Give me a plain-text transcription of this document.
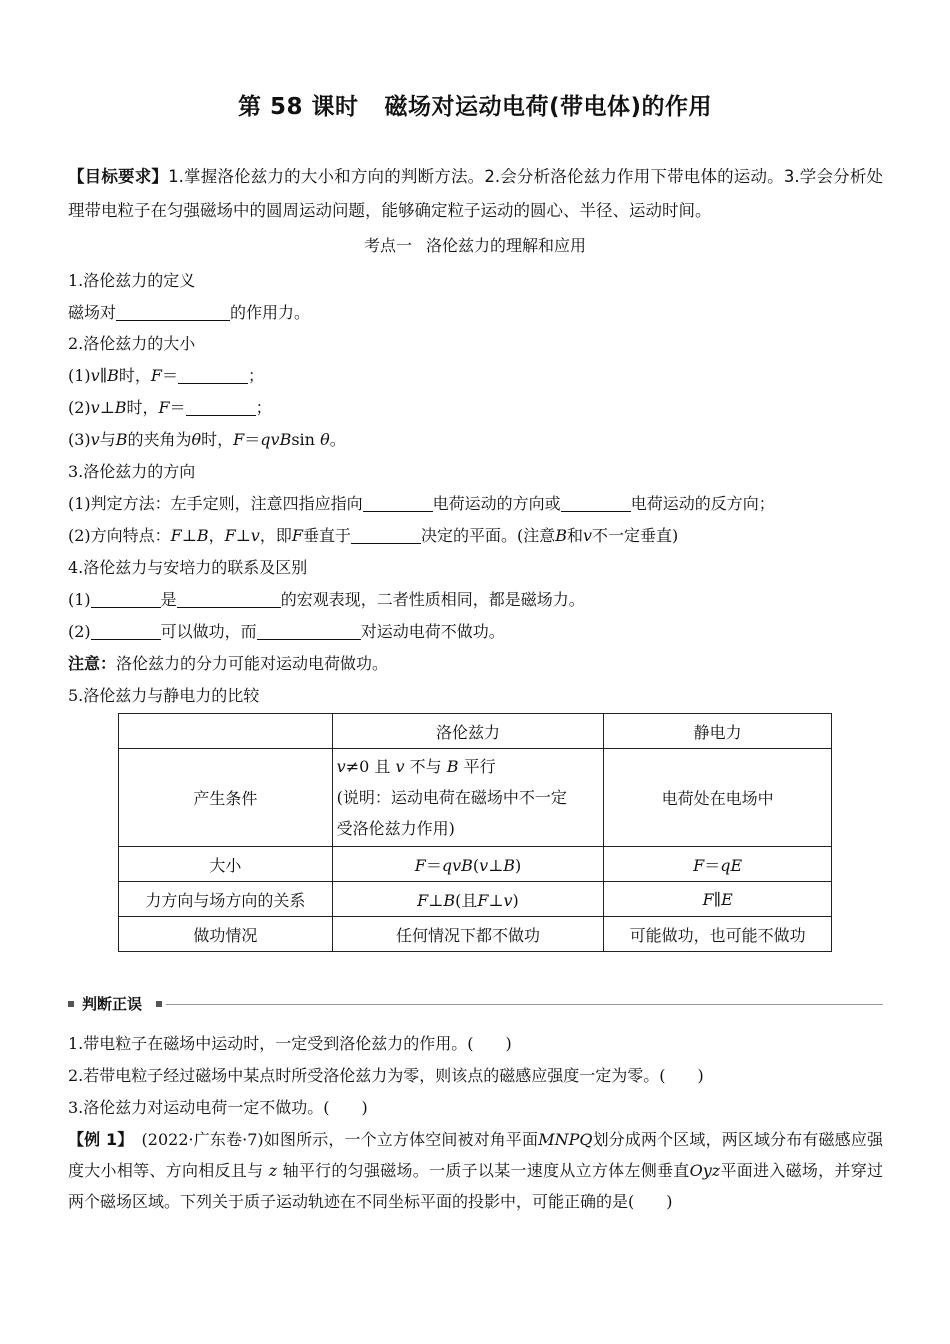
第 58 课时 磁场对运动电荷(带电体)的作用
【目标要求】1.掌握洛伦兹力的大小和方向的判断方法。2.会分析洛伦兹力作用下带电体的运动。3.学会分析处理带电粒子在匀强磁场中的圆周运动问题，能够确定粒子运动的圆心、半径、运动时间。
考点一 洛伦兹力的理解和应用
1.洛伦兹力的定义
磁场对	的作用力。
2.洛伦兹力的大小
(1)v∥B时，F＝	；
(2)v⊥B时，F＝	；
(3)v与B的夹角为θ时，F＝qvBsin θ。
3.洛伦兹力的方向
(1)判定方法：左手定则，注意四指应指向	电荷运动的方向或	电荷运动的反方向；
(2)方向特点：F⊥B，F⊥v，即F垂直于	决定的平面。(注意B和v不一定垂直)
4.洛伦兹力与安培力的联系及区别
(1)	是	的宏观表现，二者性质相同，都是磁场力。
(2)	可以做功，而	对运动电荷不做功。
注意：洛伦兹力的分力可能对运动电荷做功。
5.洛伦兹力与静电力的比较
	洛伦兹力	静电力
产生条件	v≠0 且 v 不与 B 平行
(说明：运动电荷在磁场中不一定
受洛伦兹力作用)	电荷处在电场中
大小	F＝qvB(v⊥B)	F＝qE
力方向与场方向的关系	F⊥B(且F⊥v)	F∥E
做功情况	任何情况下都不做功	可能做功，也可能不做功
判断正误
1.带电粒子在磁场中运动时，一定受到洛伦兹力的作用。(　　)
2.若带电粒子经过磁场中某点时所受洛伦兹力为零，则该点的磁感应强度一定为零。(　　)
3.洛伦兹力对运动电荷一定不做功。(　　)
【例 1】　 (2022·广东卷·7)如图所示，一个立方体空间被对角平面MNPQ划分成两个区域，两区域分布有磁感应强度大小相等、方向相反且与 z 轴平行的匀强磁场。一质子以某一速度从立方体左侧垂直Oyz平面进入磁场，并穿过两个磁场区域。下列关于质子运动轨迹在不同坐标平面的投影中，可能正确的是(　　)
